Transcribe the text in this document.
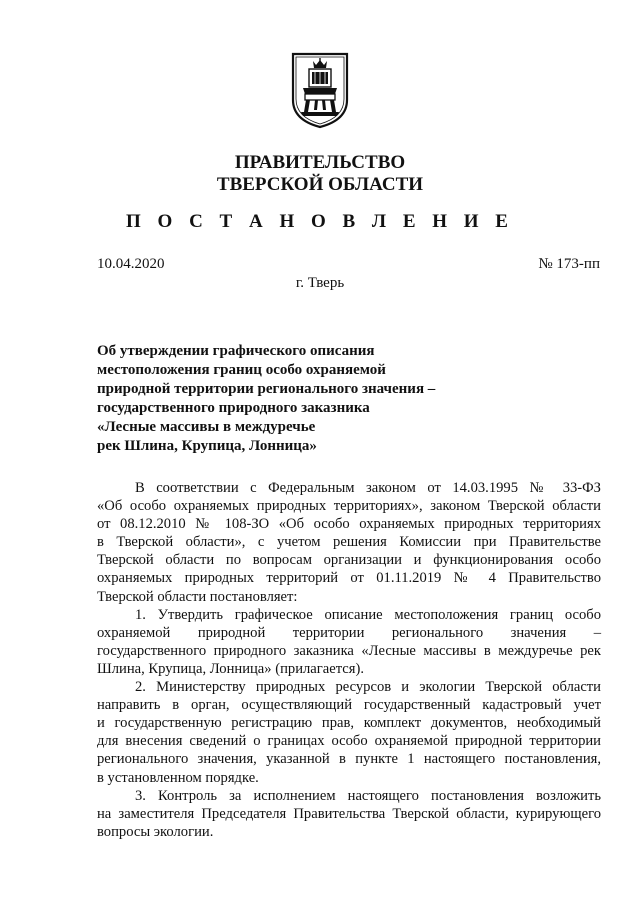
ПРАВИТЕЛЬСТВО
ТВЕРСКОЙ ОБЛАСТИ
П О С Т А Н О В Л Е Н И Е
10.04.2020	№ 173-пп
г. Тверь
Об утверждении графического описания
местоположения границ особо охраняемой
природной территории регионального значения –
государственного природного заказника
«Лесные массивы в междуречье
рек Шлина, Крупица, Лонница»
В соответствии с Федеральным законом от 14.03.1995 № 33-ФЗ
«Об особо охраняемых природных территориях», законом Тверской области
от 08.12.2010 № 108-ЗО «Об особо охраняемых природных территориях
в Тверской области», с учетом решения Комиссии при Правительстве
Тверской области по вопросам организации и функционирования особо
охраняемых природных территорий от 01.11.2019 № 4 Правительство
Тверской области постановляет:
1. Утвердить графическое описание местоположения границ особо
охраняемой природной территории регионального значения –
государственного природного заказника «Лесные массивы в междуречье рек
Шлина, Крупица, Лонница» (прилагается).
2. Министерству природных ресурсов и экологии Тверской области
направить в орган, осуществляющий государственный кадастровый учет
и государственную регистрацию прав, комплект документов, необходимый
для внесения сведений о границах особо охраняемой природной территории
регионального значения, указанной в пункте 1 настоящего постановления,
в установленном порядке.
3. Контроль за исполнением настоящего постановления возложить
на заместителя Председателя Правительства Тверской области, курирующего
вопросы экологии.
